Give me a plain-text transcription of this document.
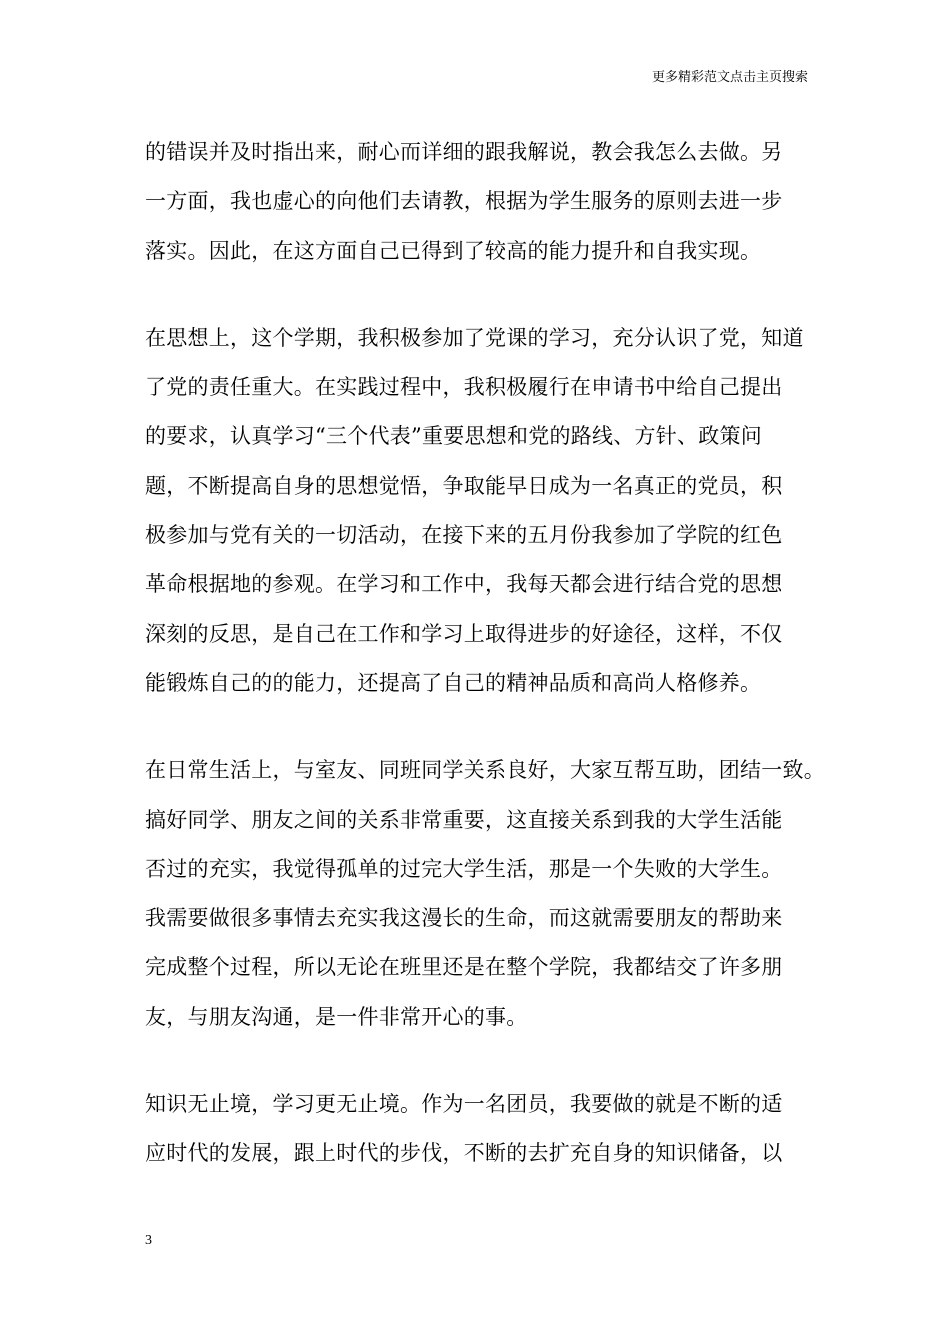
更多精彩范文点击主页搜索

的错误并及时指出来，耐心而详细的跟我解说，教会我怎么去做。另
一方面，我也虚心的向他们去请教，根据为学生服务的原则去进一步
落实。因此，在这方面自己已得到了较高的能力提升和自我实现。

在思想上，这个学期，我积极参加了党课的学习，充分认识了党，知道
了党的责任重大。在实践过程中，我积极履行在申请书中给自己提出
的要求，认真学习“三个代表”重要思想和党的路线、方针、政策问
题，不断提高自身的思想觉悟，争取能早日成为一名真正的党员，积
极参加与党有关的一切活动，在接下来的五月份我参加了学院的红色
革命根据地的参观。在学习和工作中，我每天都会进行结合党的思想
深刻的反思，是自己在工作和学习上取得进步的好途径，这样，不仅
能锻炼自己的的能力，还提高了自己的精神品质和高尚人格修养。

在日常生活上，与室友、同班同学关系良好，大家互帮互助，团结一致。
搞好同学、朋友之间的关系非常重要，这直接关系到我的大学生活能
否过的充实，我觉得孤单的过完大学生活，那是一个失败的大学生。
我需要做很多事情去充实我这漫长的生命，而这就需要朋友的帮助来
完成整个过程，所以无论在班里还是在整个学院，我都结交了许多朋
友，与朋友沟通，是一件非常开心的事。

知识无止境，学习更无止境。作为一名团员，我要做的就是不断的适
应时代的发展，跟上时代的步伐，不断的去扩充自身的知识储备，以

3
